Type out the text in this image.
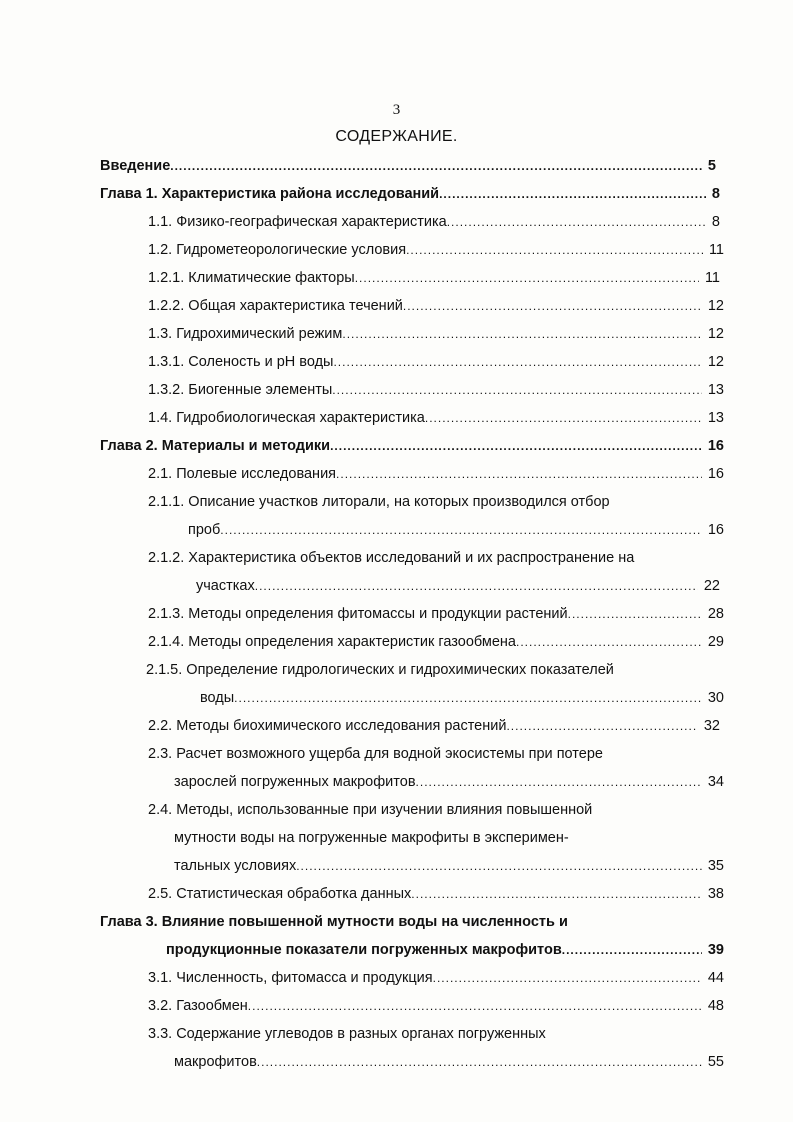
3
СОДЕРЖАНИЕ.
Введение .....	5
Глава 1. Характеристика района исследований .....	8
1.1. Физико-географическая характеристика .....	8
1.2. Гидрометеорологические условия .....	11
1.2.1. Климатические факторы .....	11
1.2.2. Общая характеристика течений .....	12
1.3. Гидрохимический режим .....	12
1.3.1. Соленость и pH воды .....	12
1.3.2. Биогенные элементы .....	13
1.4. Гидробиологическая характеристика .....	13
Глава 2. Материалы и методики .....	16
2.1. Полевые исследования .....	16
2.1.1. Описание участков литорали, на которых производился отбор
проб .....	16
2.1.2. Характеристика объектов исследований и их распространение на
участках .....	22
2.1.3. Методы определения фитомассы и продукции растений .....	28
2.1.4. Методы определения характеристик газообмена .....	29
2.1.5. Определение гидрологических и гидрохимических показателей
воды .....	30
2.2. Методы биохимического исследования растений .....	32
2.3. Расчет возможного ущерба для водной экосистемы при потере
зарослей погруженных макрофитов .....	34
2.4. Методы, использованные при изучении влияния повышенной
мутности воды на погруженные макрофиты в эксперимен-
тальных условиях .....	35
2.5. Статистическая обработка данных .....	38
Глава 3. Влияние повышенной мутности воды на численность и
продукционные показатели погруженных макрофитов .....	39
3.1. Численность, фитомасса и продукция .....	44
3.2. Газообмен .....	48
3.3. Содержание углеводов в разных органах погруженных
макрофитов .....	55
